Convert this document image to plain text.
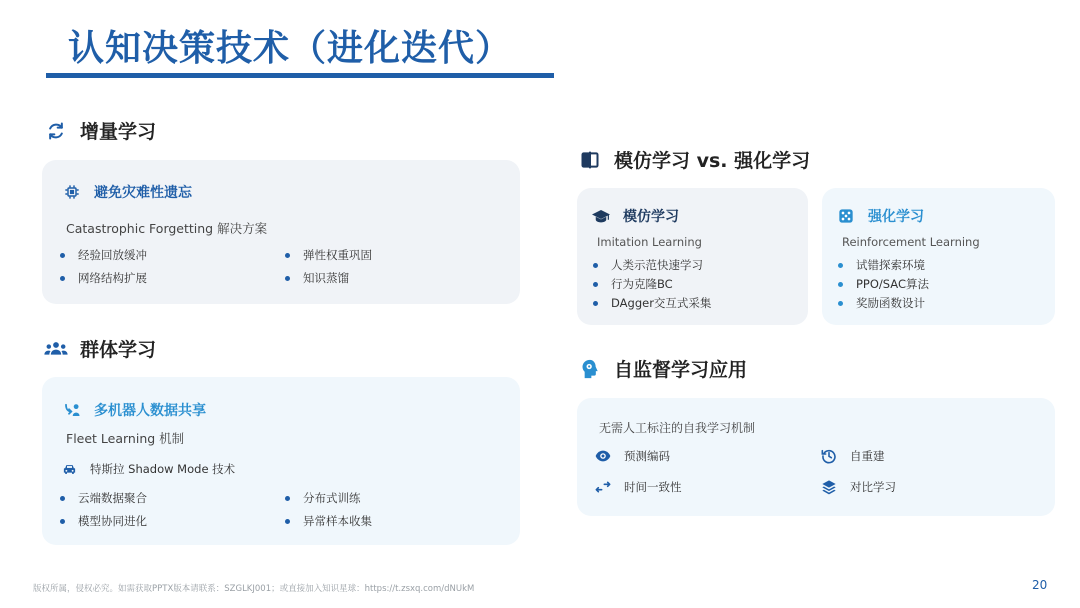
认知决策技术（进化迭代）
增量学习
避免灾难性遗忘
Catastrophic Forgetting 解决方案
经验回放缓冲
网络结构扩展
弹性权重巩固
知识蒸馏
群体学习
多机器人数据共享
Fleet Learning 机制
特斯拉 Shadow Mode 技术
云端数据聚合
模型协同进化
分布式训练
异常样本收集
模仿学习 vs. 强化学习
模仿学习
Imitation Learning
人类示范快速学习
行为克隆BC
DAgger交互式采集
强化学习
Reinforcement Learning
试错探索环境
PPO/SAC算法
奖励函数设计
自监督学习应用
无需人工标注的自我学习机制
预测编码	自重建
时间一致性	对比学习
版权所属，侵权必究。如需获取PPTX版本请联系：SZGLKJ001；或直接加入知识星球：https://t.zsxq.com/dNUkM	20
